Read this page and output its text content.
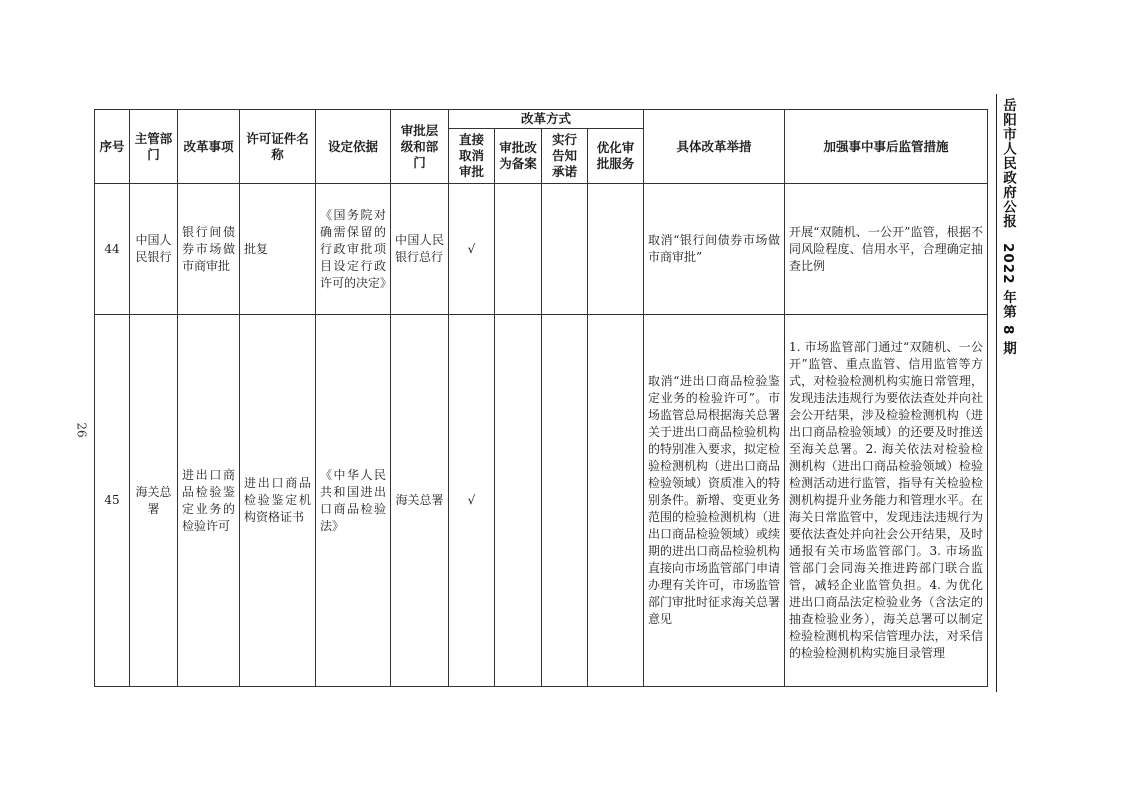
岳阳市人民政府公报　2022 年第 8 期
26
序号	主管部门	改革事项	许可证件名称	设定依据	审批层级和部门	改革方式				具体改革举措	加强事中事后监管措施
						直接取消审批	审批改为备案	实行告知承诺	优化审批服务		
44	中国人民银行	银行间债券市场做市商审批	批复	《国务院对确需保留的行政审批项目设定行政许可的决定》	中国人民银行总行	√				取消“银行间债券市场做市商审批”	开展“双随机、一公开”监管，根据不同风险程度、信用水平，合理确定抽查比例
45	海关总署	进出口商品检验鉴定业务的检验许可	进出口商品检验鉴定机构资格证书	《中华人民共和国进出口商品检验法》	海关总署	√				取消“进出口商品检验鉴定业务的检验许可”。市场监管总局根据海关总署关于进出口商品检验机构的特别准入要求，拟定检验检测机构（进出口商品检验领域）资质准入的特别条件。新增、变更业务范围的检验检测机构（进出口商品检验领域）或续期的进出口商品检验机构直接向市场监管部门申请办理有关许可，市场监管部门审批时征求海关总署意见	1. 市场监管部门通过“双随机、一公开”监管、重点监管、信用监管等方式，对检验检测机构实施日常管理，发现违法违规行为要依法查处并向社会公开结果，涉及检验检测机构（进出口商品检验领域）的还要及时推送至海关总署。2. 海关依法对检验检测机构（进出口商品检验领域）检验检测活动进行监管，指导有关检验检测机构提升业务能力和管理水平。在海关日常监管中，发现违法违规行为要依法查处并向社会公开结果，及时通报有关市场监管部门。3. 市场监管部门会同海关推进跨部门联合监管，减轻企业监管负担。4. 为优化进出口商品法定检验业务（含法定的抽查检验业务），海关总署可以制定检验检测机构采信管理办法，对采信的检验检测机构实施目录管理
